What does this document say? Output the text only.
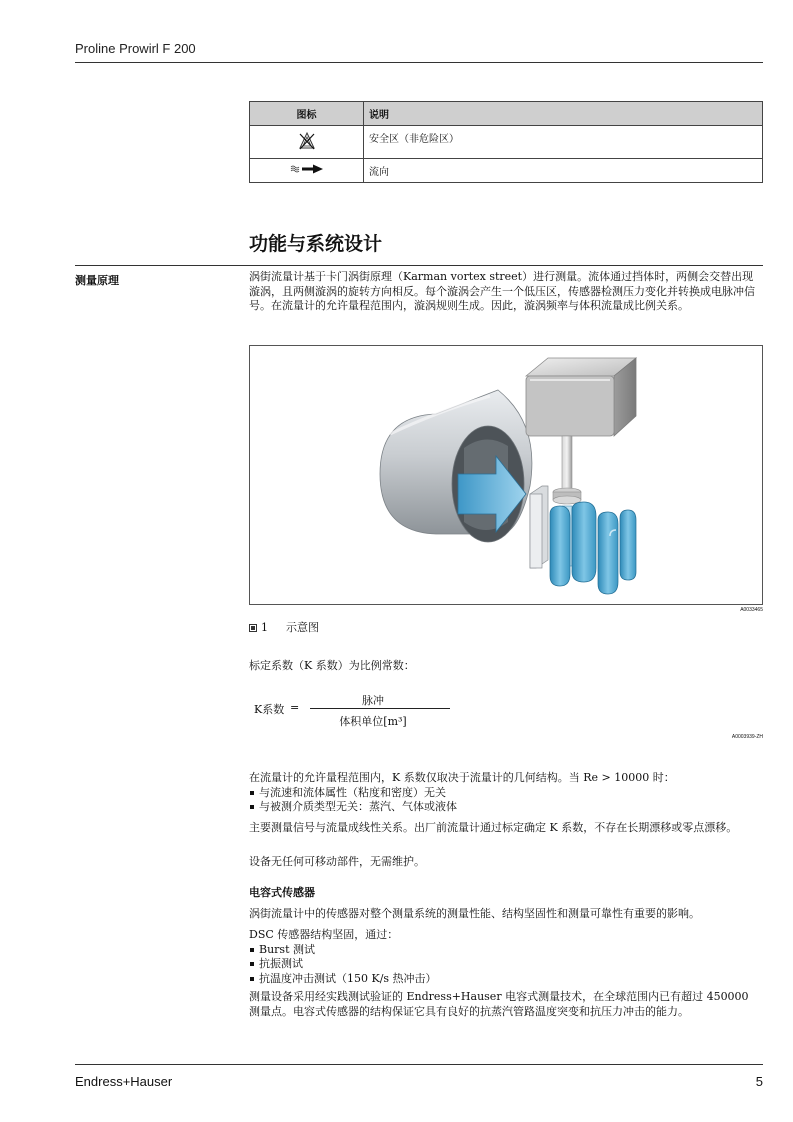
Proline Prowirl F 200
图标	说明
	安全区（非危险区）
	流向
功能与系统设计
测量原理	涡街流量计基于卡门涡街原理（Karman vortex street）进行测量。流体通过挡体时，两侧会交替出现漩涡，且两侧漩涡的旋转方向相反。每个漩涡会产生一个低压区，传感器检测压力变化并转换成电脉冲信号。在流量计的允许量程范围内，漩涡规则生成。因此，漩涡频率与体积流量成比例关系。
A0033465
1 示意图
标定系数（K 系数）为比例常数：
K系数 =
脉冲
体积单位[m³]
A0003939-ZH
在流量计的允许量程范围内，K 系数仅取决于流量计的几何结构。当 Re > 10000 时：
与流速和流体属性（粘度和密度）无关
与被测介质类型无关：蒸汽、气体或液体
主要测量信号与流量成线性关系。出厂前流量计通过标定确定 K 系数，不存在长期漂移或零点漂移。
设备无任何可移动部件，无需维护。
电容式传感器
涡街流量计中的传感器对整个测量系统的测量性能、结构坚固性和测量可靠性有重要的影响。
DSC 传感器结构坚固，通过：
Burst 测试
抗振测试
抗温度冲击测试（150 K/s 热冲击）
测量设备采用经实践测试验证的 Endress+Hauser 电容式测量技术，在全球范围内已有超过 450000 测量点。电容式传感器的结构保证它具有良好的抗蒸汽管路温度突变和抗压力冲击的能力。
Endress+Hauser	5
